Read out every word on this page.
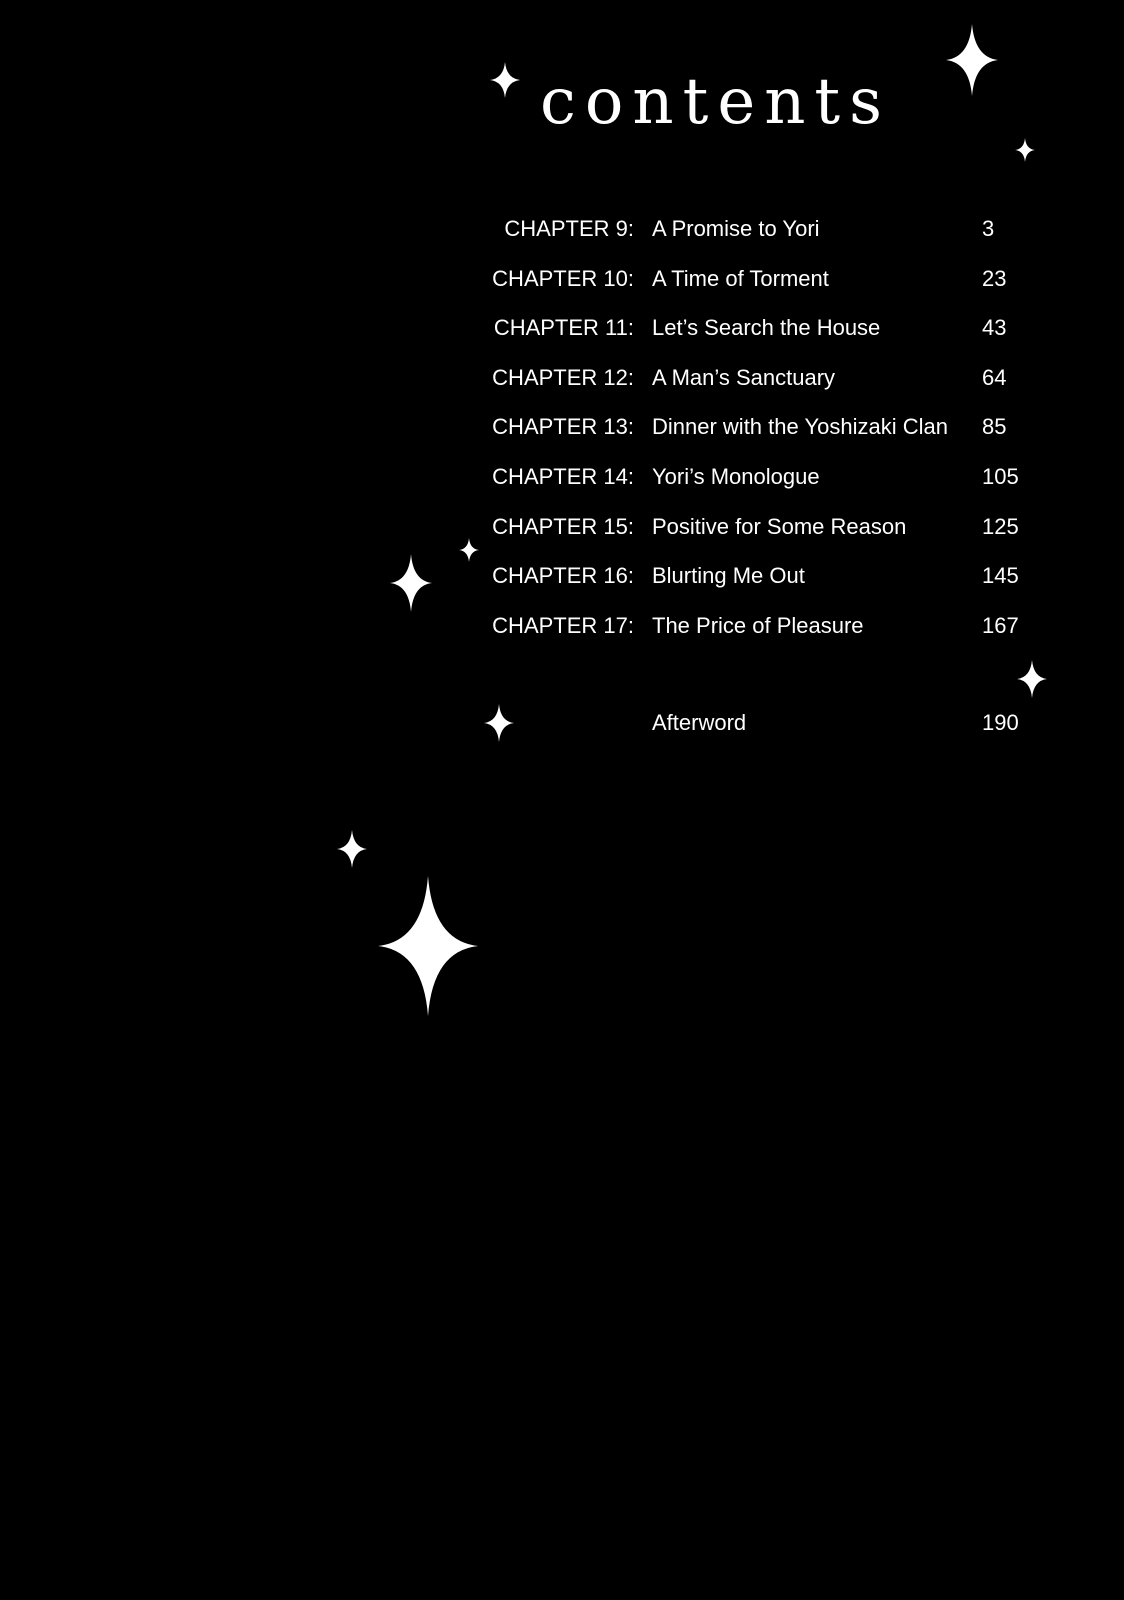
contents
CHAPTER 9: A Promise to Yori	3
CHAPTER 10: A Time of Torment	23
CHAPTER 11: Let’s Search the House	43
CHAPTER 12: A Man’s Sanctuary	64
CHAPTER 13: Dinner with the Yoshizaki Clan 85
CHAPTER 14: Yori’s Monologue	105
CHAPTER 15: Positive for Some Reason	125
CHAPTER 16: Blurting Me Out	145
CHAPTER 17: The Price of Pleasure	167
Afterword	190
